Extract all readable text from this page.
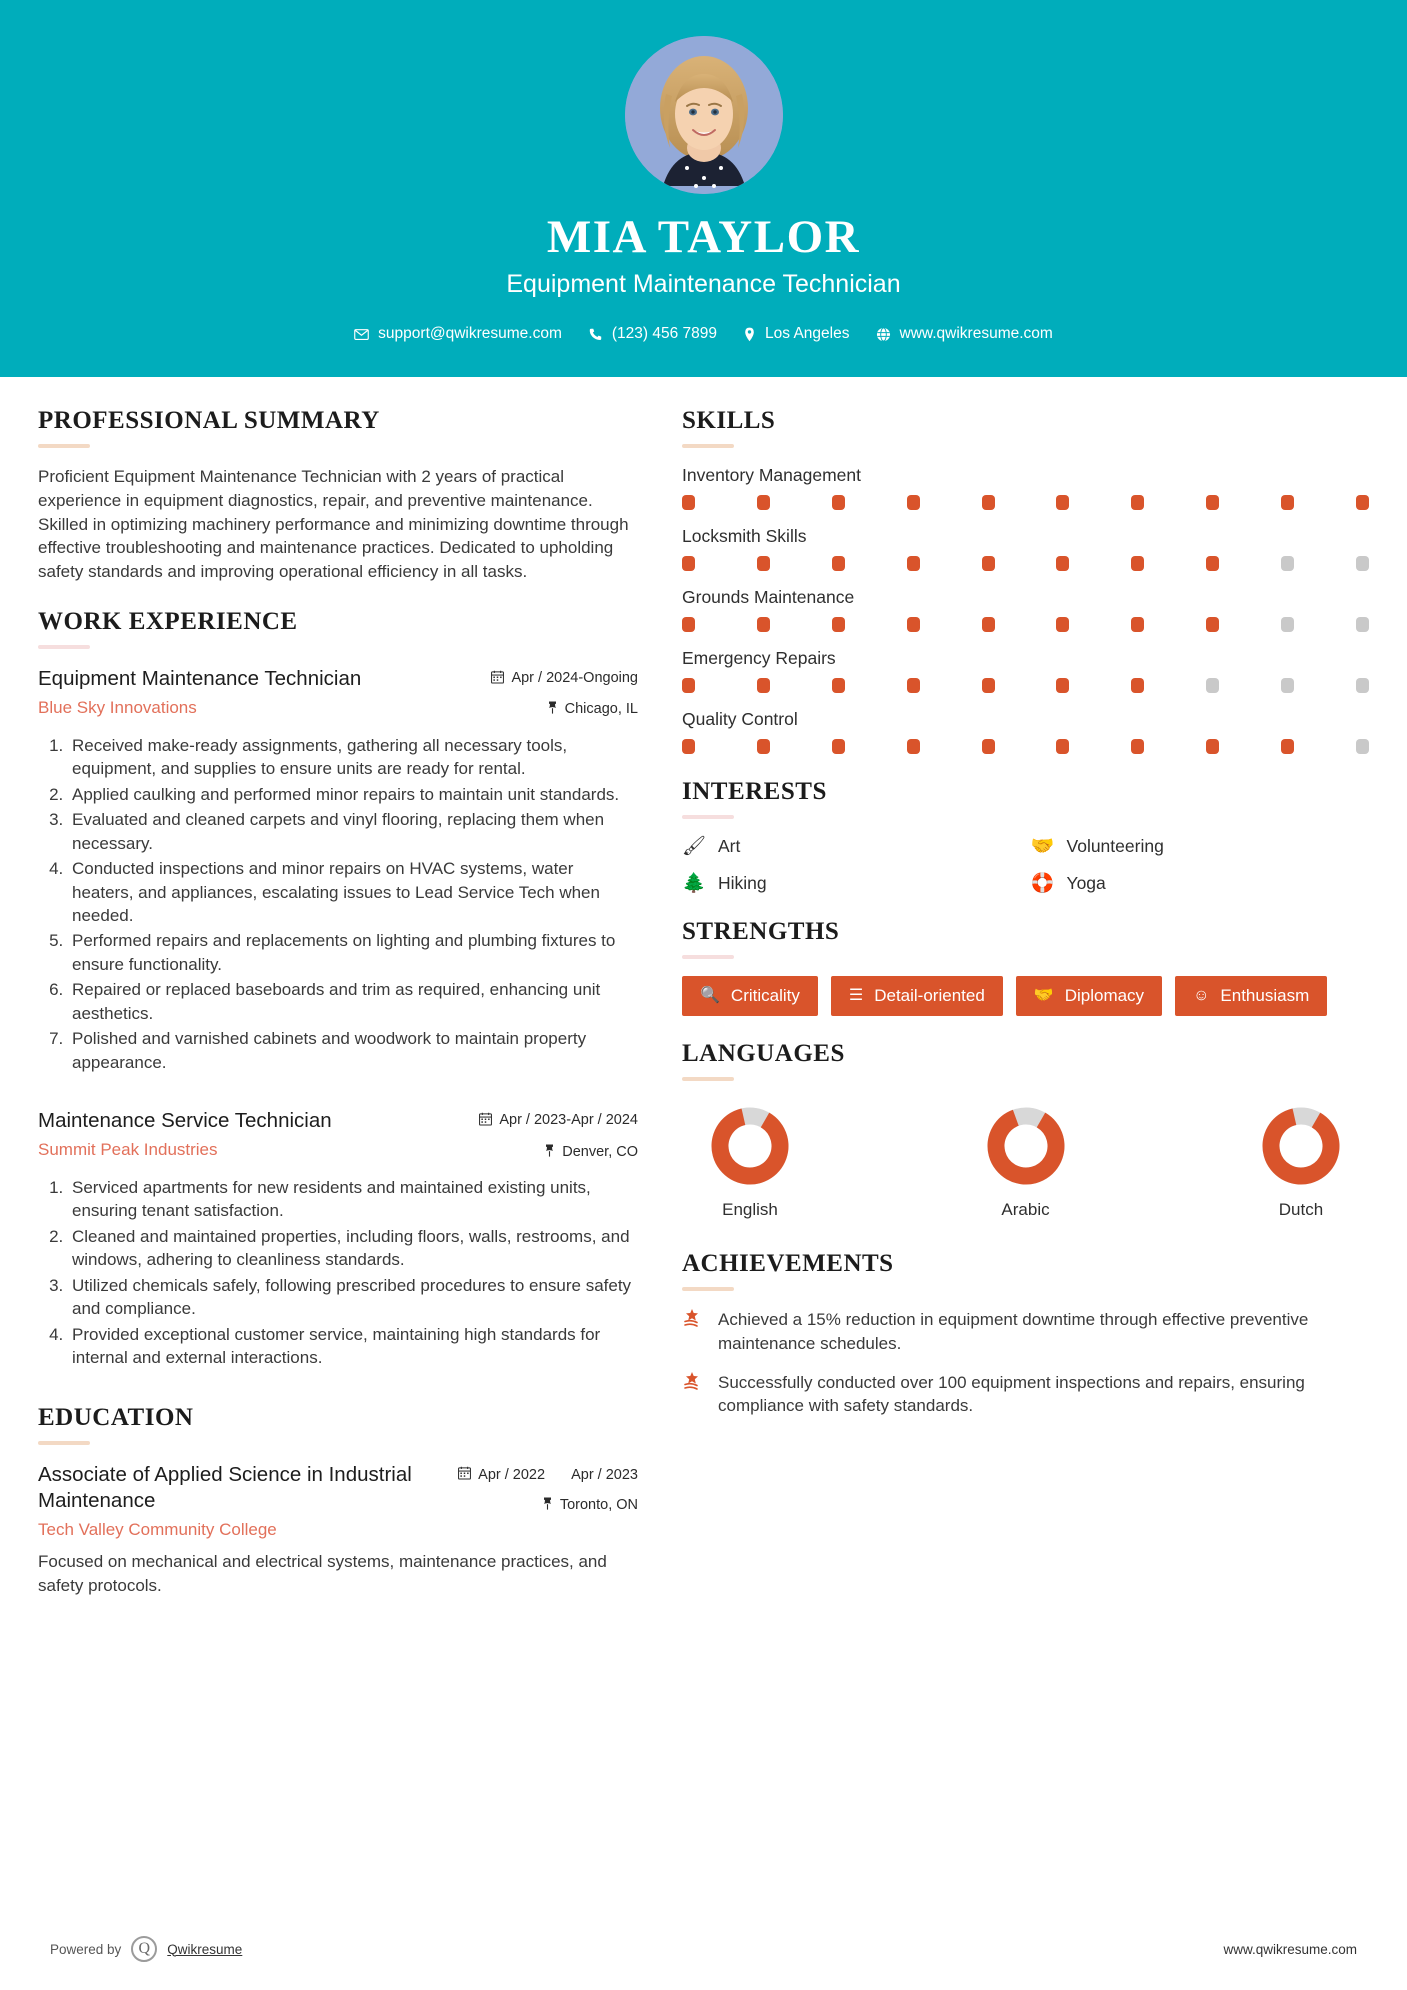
MIA TAYLOR
Equipment Maintenance Technician
support@qwikresume.com	(123) 456 7899	Los Angeles	www.qwikresume.com
PROFESSIONAL SUMMARY
Proficient Equipment Maintenance Technician with 2 years of practical experience in equipment diagnostics, repair, and preventive maintenance. Skilled in optimizing machinery performance and minimizing downtime through effective troubleshooting and maintenance practices. Dedicated to upholding safety standards and improving operational efficiency in all tasks.
WORK EXPERIENCE
Equipment Maintenance Technician
Blue Sky Innovations
Apr / 2024-Ongoing
Chicago, IL
1. Received make-ready assignments, gathering all necessary tools, equipment, and supplies to ensure units are ready for rental.
2. Applied caulking and performed minor repairs to maintain unit standards.
3. Evaluated and cleaned carpets and vinyl flooring, replacing them when necessary.
4. Conducted inspections and minor repairs on HVAC systems, water heaters, and appliances, escalating issues to Lead Service Tech when needed.
5. Performed repairs and replacements on lighting and plumbing fixtures to ensure functionality.
6. Repaired or replaced baseboards and trim as required, enhancing unit aesthetics.
7. Polished and varnished cabinets and woodwork to maintain property appearance.
Maintenance Service Technician
Summit Peak Industries
Apr / 2023-Apr / 2024
Denver, CO
1. Serviced apartments for new residents and maintained existing units, ensuring tenant satisfaction.
2. Cleaned and maintained properties, including floors, walls, restrooms, and windows, adhering to cleanliness standards.
3. Utilized chemicals safely, following prescribed procedures to ensure safety and compliance.
4. Provided exceptional customer service, maintaining high standards for internal and external interactions.
EDUCATION
Associate of Applied Science in Industrial Maintenance
Tech Valley Community College
Apr / 2022 Apr / 2023
Toronto, ON
Focused on mechanical and electrical systems, maintenance practices, and safety protocols.
SKILLS
Inventory Management
Locksmith Skills
Grounds Maintenance
Emergency Repairs
Quality Control
INTERESTS
🖌 Art	🤝 Volunteering
🌲 Hiking	🛟 Yoga
STRENGTHS
🔍 Criticality	☰ Detail-oriented	🤝 Diplomacy	☺ Enthusiasm
LANGUAGES
English	Arabic	Dutch
ACHIEVEMENTS
Achieved a 15% reduction in equipment downtime through effective preventive maintenance schedules.
Successfully conducted over 100 equipment inspections and repairs, ensuring compliance with safety standards.
Powered by	Q	Qwikresume	www.qwikresume.com
